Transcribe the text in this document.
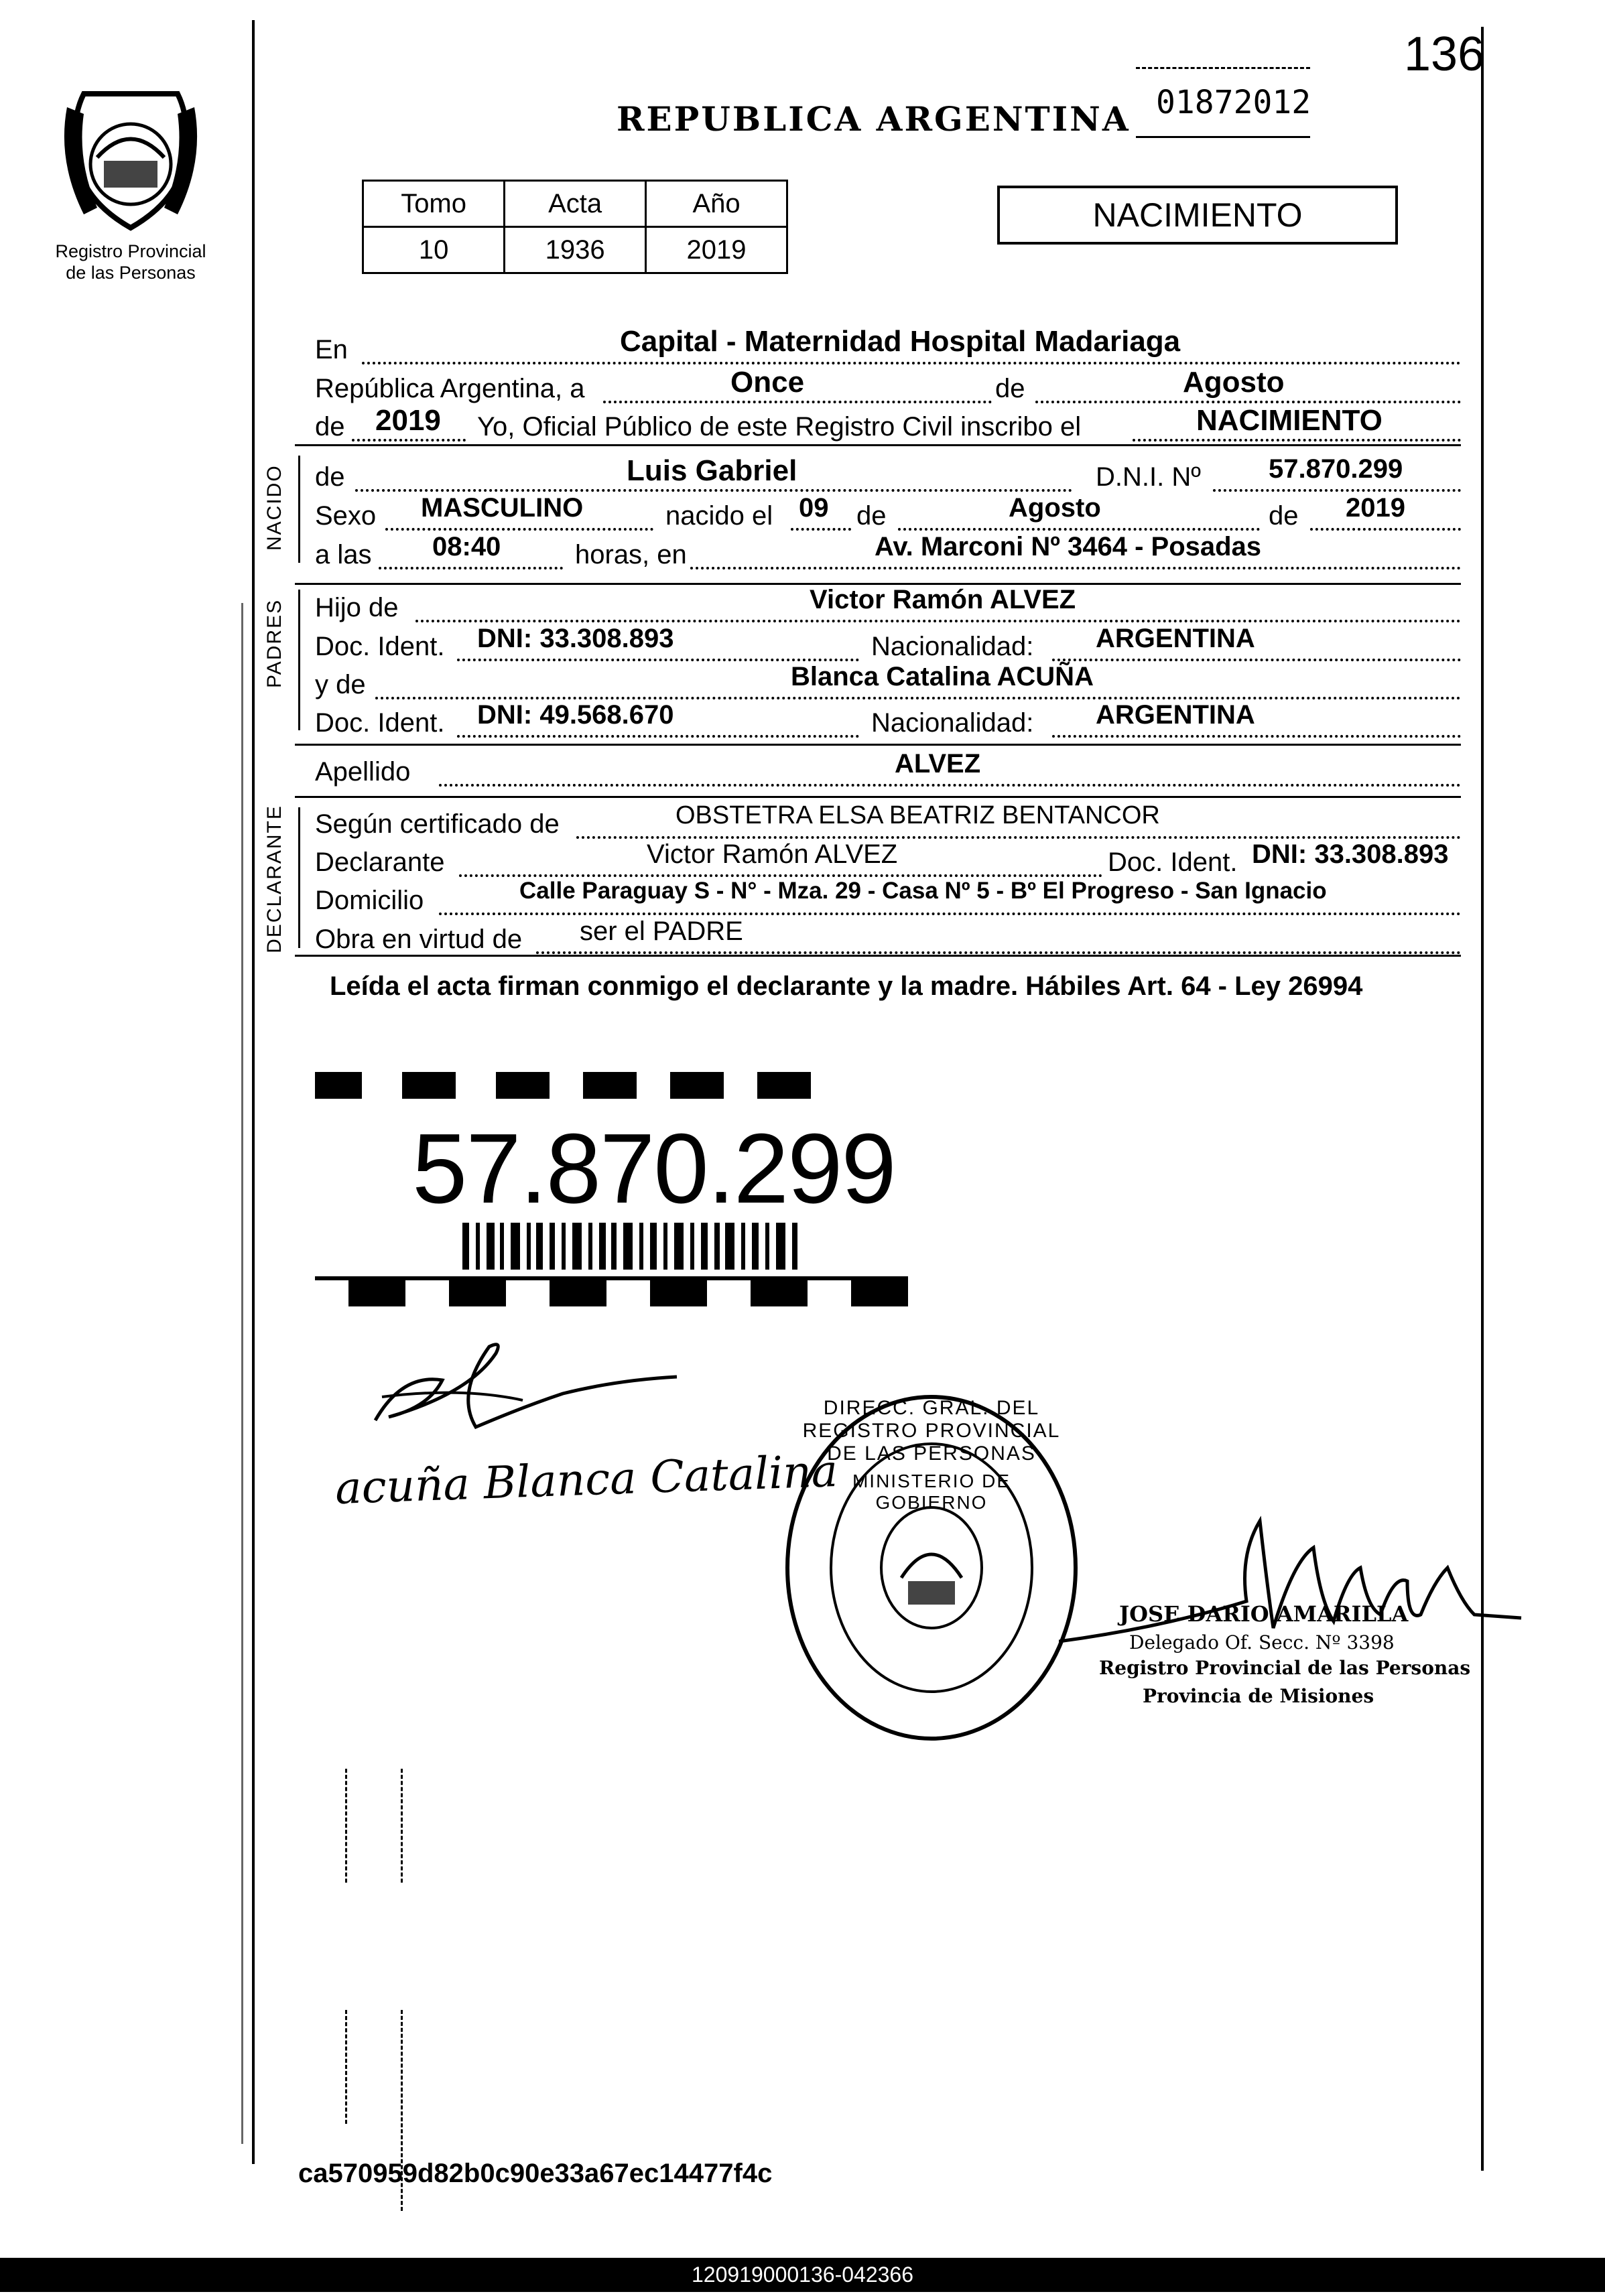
136
Registro Provincial
de las Personas
REPUBLICA ARGENTINA 01872012
Tomo	Acta	Año
10	1936	2019
NACIMIENTO
En	Capital - Maternidad Hospital Madariaga
República Argentina, a	Once	de	Agosto
de 2019 Yo, Oficial Público de este Registro Civil inscribo el	NACIMIENTO
NACIDO de	Luis Gabriel	D.N.I. Nº	57.870.299
Sexo MASCULINO	nacido el 09 de	Agosto	de 2019
a las 08:40	horas, en	Av. Marconi Nº 3464 - Posadas
PADRES Hijo de	Victor Ramón ALVEZ
Doc. Ident. DNI: 33.308.893	Nacionalidad: ARGENTINA
y de	Blanca Catalina ACUÑA
Doc. Ident. DNI: 49.568.670	Nacionalidad: ARGENTINA
Apellido	ALVEZ
DECLARANTE Según certificado de	OBSTETRA ELSA BEATRIZ BENTANCOR
Declarante	Victor Ramón ALVEZ	Doc. Ident. DNI: 33.308.893
Domicilio	Calle Paraguay S - N° - Mza. 29 - Casa Nº 5 - Bº El Progreso - San Ignacio
Obra en virtud de ser el PADRE
Leída el acta firman conmigo el declarante y la madre. Hábiles Art. 64 - Ley 26994
57.870.299
acuña Blanca Catalina
DIRECC. GRAL. DEL REGISTRO PROVINCIAL DE LAS PERSONAS
MINISTERIO DE GOBIERNO
JOSE DARIO AMARILLA
Delegado Of. Secc. Nº 3398
Registro Provincial de las Personas
Provincia de Misiones
ca570959d82b0c90e33a67ec14477f4c
120919000136-042366
